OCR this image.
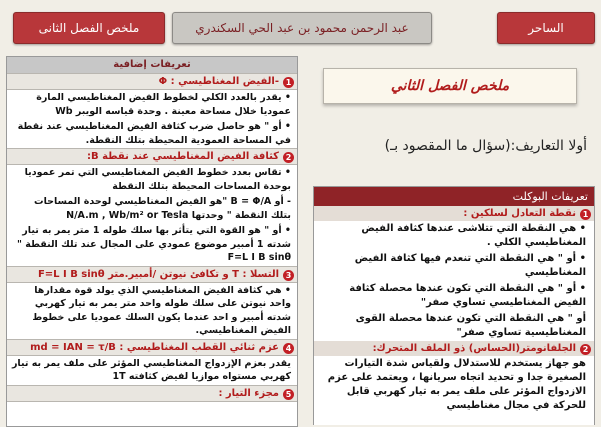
الساحر
عبد الرحمن محمود بن عبد الحي السكندري
ملخص الفصل الثانى
تعريفات إضافية
1
-الفيض المغناطيسي : Φ
• يقدر بالعدد الكلي لخطوط الفيض المغناطيسي المارة عموديا خلال مساحة معينة . وحدة قياسه الويبر Wb
• أو " هو حاصل ضرب كثافة الفيض المغناطيسي عند نقطة في المساحة العمودية المحيطة بتلك النقطة.
2
كثافة الفيض المغناطيسي عند نقطة B:
• تقاس بعدد خطوط الفيض المغناطيسي التي تمر عموديا بوحدة المساحات المحيطة بتلك النقطة
- أو B = Φ/A "هو الفيض المغناطيسي لوحدة المساحات بتلك النقطة " وحدتها N/A.m , Wb/m² or Tesla
• أو " هو القوة التي يتأثر بها سلك طوله 1 متر يمر به تيار شدته 1 أمبير موضوع عمودي على المجال عند تلك النقطة " F=L I B sinθ
3
التسلا : T و تكافئ نيوتن /أمبير.متر F=L I B sinθ
• هي كثافة الفيض المغناطيسي الذي يولد قوة مقدارها واحد نيوتن على سلك طوله واحد متر يمر به تيار كهربي شدته أمبير و احد عندما يكون السلك عموديا على خطوط الفيض المغناطيسي.
4
عزم ثنائي القطب المغناطيسي : md = IAN = τ/B
يقدر بعزم الإزدواج المغناطيسي المؤثر على ملف يمر به تيار كهربي مستواه موازيا لفيض كثافته 1T
5
مجزء التيار :
ملخص الفصل الثاني
أولا التعاريف:(سؤال ما المقصود بـ)
تعريفات البوكلت
1
نقطة التعادل لسلكين :
• هي النقطة التي تتلاشى عندها كثافة الفيض المغناطيسي الكلي .
• أو " هي النقطة التي تنعدم فيها كثافة الفيض المغناطيسي
• أو " هي النقطة التي تكون عندها محصلة كثافة الفيض المغناطيسي تساوي صفر"
أو " هي النقطة التي تكون عندها محصلة القوى المغناطيسية تساوي صفر"
2
الجلفانومتر(الحساس) ذو الملف المتحرك:
هو جهاز يستخدم للاستدلال ولقياس شدة التيارات الصغيرة جدا و تحديد اتجاه سريانها ، ويعتمد على عزم الازدواج المؤثر على ملف يمر به تيار كهربي قابل للحركة في مجال مغناطيسي
